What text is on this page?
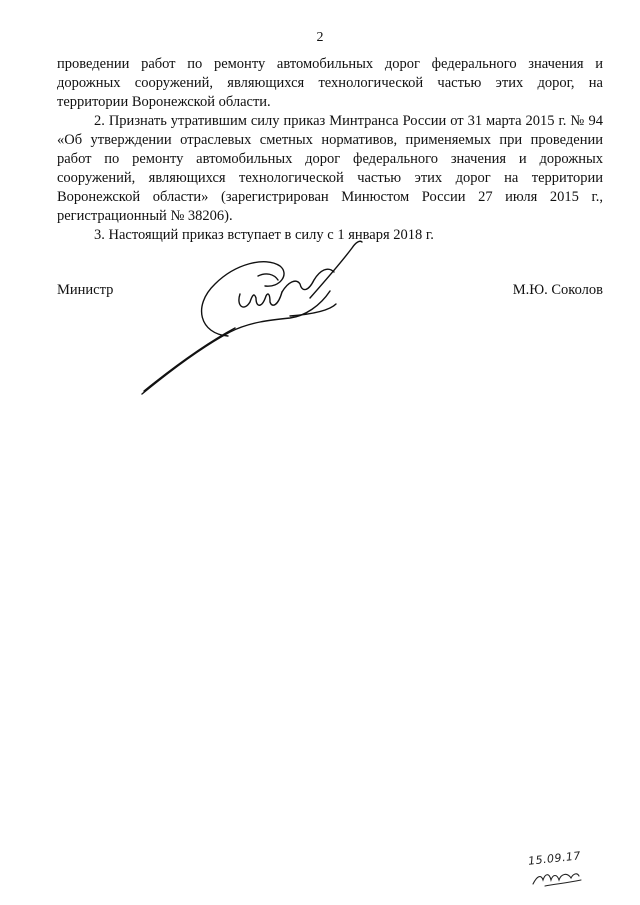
2

проведении работ по ремонту автомобильных дорог федерального значения и дорожных сооружений, являющихся технологической частью этих дорог, на территории Воронежской области.

2. Признать утратившим силу приказ Минтранса России от 31 марта 2015 г. № 94 «Об утверждении отраслевых сметных нормативов, применяемых при проведении работ по ремонту автомобильных дорог федерального значения и дорожных сооружений, являющихся технологической частью этих дорог на территории Воронежской области» (зарегистрирован Минюстом России 27 июля 2015 г., регистрационный № 38206).

3. Настоящий приказ вступает в силу с 1 января 2018 г.

Министр	М.Ю. Соколов
15.09.17
